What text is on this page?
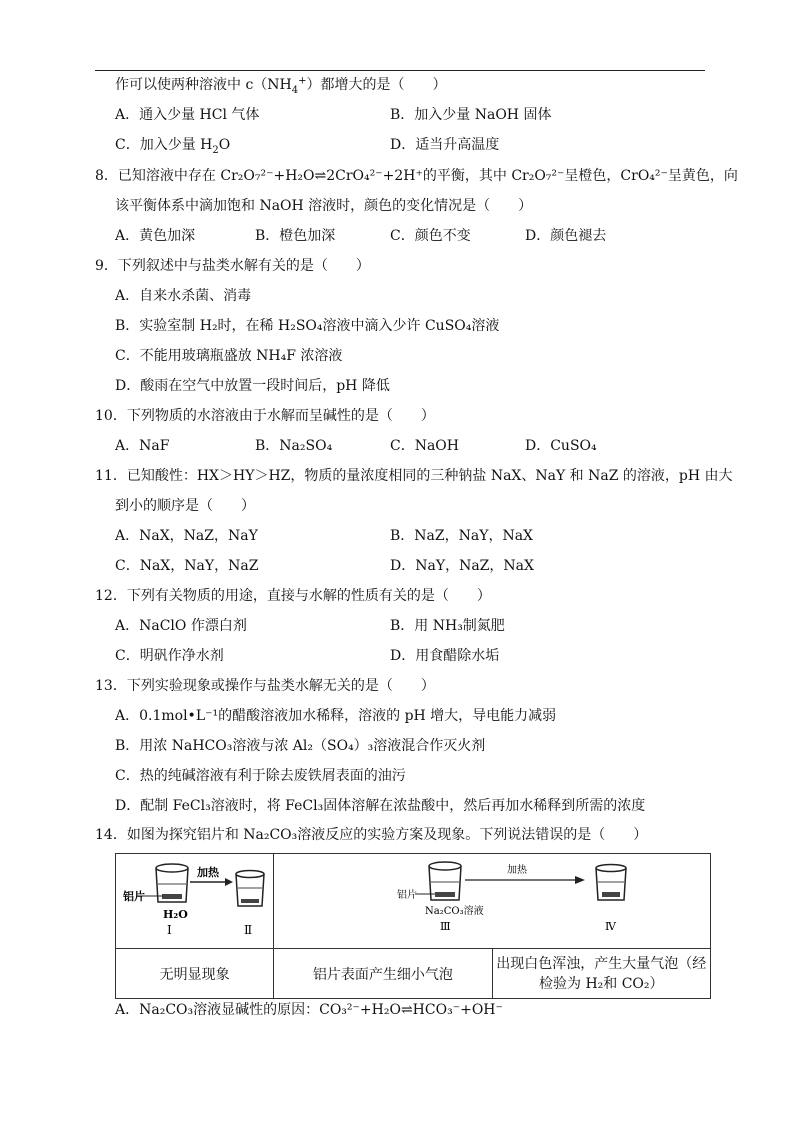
作可以使两种溶液中 $c(NH_4^+)$都增大的是（　　）
A．通入少量 HCl 气体	B．加入少量 NaOH 固体
C．加入少量 $H_2O$	D．适当升高温度
8．已知溶液中存在 Cr₂O₇²⁻+H₂O⇌2CrO₄²⁻+2H⁺的平衡，其中 Cr₂O₇²⁻呈橙色，CrO₄²⁻呈黄色，向
该平衡体系中滴加饱和 NaOH 溶液时，颜色的变化情况是（　　）
A．黄色加深	B．橙色加深	C．颜色不变	D．颜色褪去
9．下列叙述中与盐类水解有关的是（　　）
A．自来水杀菌、消毒
B．实验室制 H₂时，在稀 H₂SO₄溶液中滴入少许 CuSO₄溶液
C．不能用玻璃瓶盛放 NH₄F 浓溶液
D．酸雨在空气中放置一段时间后，pH 降低
10．下列物质的水溶液由于水解而呈碱性的是（　　）
A．NaF	B．Na₂SO₄	C．NaOH	D．CuSO₄
11．已知酸性：HX＞HY＞HZ，物质的量浓度相同的三种钠盐 NaX、NaY 和 NaZ 的溶液，pH 由大
到小的顺序是（　　）
A．NaX，NaZ，NaY	B．NaZ，NaY，NaX
C．NaX，NaY，NaZ	D．NaY，NaZ，NaX
12．下列有关物质的用途，直接与水解的性质有关的是（　　）
A．NaClO 作漂白剂	B．用 NH₃制氮肥
C．明矾作净水剂	D．用食醋除水垢
13．下列实验现象或操作与盐类水解无关的是（　　）
A．0.1mol•L⁻¹的醋酸溶液加水稀释，溶液的 pH 增大，导电能力减弱
B．用浓 NaHCO₃溶液与浓 Al₂（SO₄）₃溶液混合作灭火剂
C．热的纯碱溶液有利于除去废铁屑表面的油污
D．配制 FeCl₃溶液时，将 FeCl₃固体溶解在浓盐酸中，然后再加水稀释到所需的浓度
14．如图为探究铝片和 Na₂CO₃溶液反应的实验方案及现象。下列说法错误的是（　　）
铝片
H₂O
Ⅰ
加热
Ⅱ	铝片
Na₂CO₃溶液
Ⅲ
加热
Ⅳ	

无明显现象	铝片表面产生细小气泡	出现白色浑浊，产生大量气泡（经
检验为 H₂和 CO₂）
A．Na₂CO₃溶液显碱性的原因：CO₃²⁻+H₂O⇌HCO₃⁻+OH⁻
